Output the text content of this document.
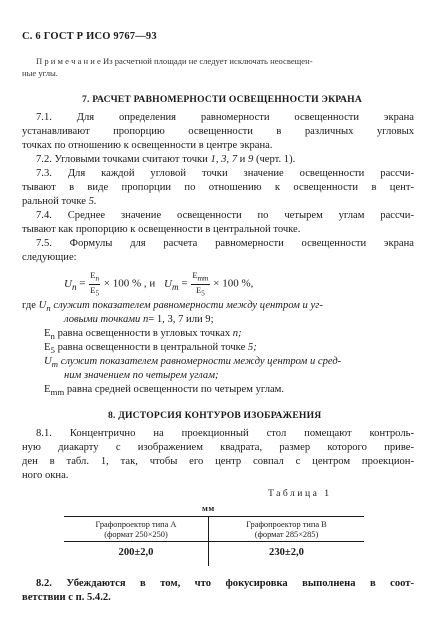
С. 6 ГОСТ Р ИСО 9767—93
П р и м е ч а н и е Из расчетной площади не следует исключать неосвещен-
ные углы.
7. РАСЧЕТ РАВНОМЕРНОСТИ ОСВЕЩЕННОСТИ ЭКРАНА
7.1. Для определения равномерности освещенности экрана
устанавливают пропорцию освещенности в различных угловых
точках по отношению к освещенности в центре экрана.
7.2. Угловыми точками считают точки 1, 3, 7 и 9 (черт. 1).
7.3. Для каждой угловой точки значение освещенности рассчи-
тывают в виде пропорции по отношению к освещенности в цент-
ральной точке 5.
7.4. Среднее значение освещенности по четырем углам рассчи-
тывают как пропорцию к освещенности в центральной точке.
7.5. Формулы для расчета равномерности освещенности экрана
следующие:
$U_n = \frac{E_n}{E_5} \times 100$ % , и $U_m = \frac{E_{mm}}{E_5} \times 100$ %,
где $U_n$ служит показателем равномерности между центром и уг-
ловыми точками n= 1, 3, 7 или 9;
$E_n$ равна освещенности в угловых точках n;
$E_5$ равна освещенности в центральной точке 5;
$U_m$ служит показателем равномерности между центром и сред-
ним значением по четырем углам;
$E_{mm}$ равна средней освещенности по четырем углам.
8. ДИСТОРСИЯ КОНТУРОВ ИЗОБРАЖЕНИЯ
8.1. Концентрично на проекционный стол помещают контроль-
ную диакарту с изображением квадрата, размер которого приве-
ден в табл. 1, так, чтобы его центр совпал с центром проекцион-
ного окна.
Таблица 1
мм
Графопроектор типа А
(формат 250×250)
Графопроектор типа В
(формат 285×285)
200±2,0	230±2,0
8.2. Убеждаются в том, что фокусировка выполнена в соот-
ветствии с п. 5.4.2.
